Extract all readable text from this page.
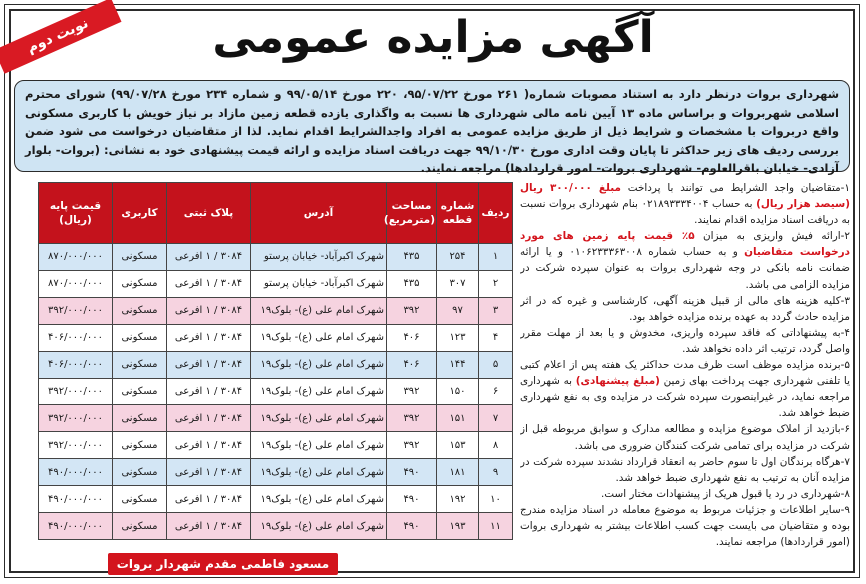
نوبت دوم	آگهی مزایده عمومی
شهرداری بروات درنظر دارد به استناد مصوبات شماره( ۲۶۱ مورخ ۹۵/۰۷/۲۲، ۲۲۰ مورخ ۹۹/۰۵/۱۴ و شماره ۲۳۴ مورخ ۹۹/۰۷/۲۸) شورای محترم اسلامی شهربروات و براساس ماده ۱۳ آیین نامه مالی شهرداری ها نسبت به واگذاری یازده قطعه زمین مازاد بر نیاز خویش با کاربری مسکونی واقع دربروات با مشخصات و شرایط ذیل از طریق مزایده عمومی به افراد واجدالشرایط اقدام نماید. لذا از متقاضیان درخواست می شود ضمن بررسی ردیف های زیر حداکثر تا پایان وقت اداری مورخ ۹۹/۱۰/۳۰ جهت دریافت اسناد مزایده و ارائه قیمت پیشنهادی خود به نشانی: (بروات- بلوار آزادی- خیابان باقرالعلوم- شهرداری بروات- امور قراردادها) مراجعه نمایند.

۱-متقاضیان واجد الشرایط می توانند با پرداخت مبلغ ۳۰۰/۰۰۰ ریال (سیصد هزار ریال) به حساب ۰۲۱۸۹۳۳۳۴۰۰۴ بنام شهرداری بروات نسبت به دریافت اسناد مزایده اقدام نمایند.

۲-ارائه فیش واریزی به میزان ۵٪ قیمت پایه زمین های مورد درخواست متقاضیان و به حساب شماره ۰۱۰۶۲۳۳۳۶۳۰۰۸ و یا ارائه ضمانت نامه بانکی در وجه شهرداری بروات به عنوان سپرده شرکت در مزایده الزامی می باشد.

۳-کلیه هزینه های مالی از قبیل هزینه آگهی، کارشناسی و غیره که در اثر مزایده حادث گردد به عهده برنده مزایده خواهد بود.

۴-به پیشنهاداتی که فاقد سپرده واریزی، مخدوش و یا بعد از مهلت مقرر واصل گردد، ترتیب اثر داده نخواهد شد.

۵-برنده مزایده موظف است ظرف مدت حداکثر یک هفته پس از اعلام کتبی یا تلفنی شهرداری جهت پرداخت بهای زمین (مبلغ پیشنهادی) به شهرداری مراجعه نماید، در غیراینصورت سپرده شرکت در مزایده وی به نفع شهرداری ضبط خواهد شد.

۶-بازدید از املاک موضوع مزایده و مطالعه مدارک و سوابق مربوطه قبل از شرکت در مزایده برای تمامی شرکت کنندگان ضروری می باشد.

۷-هرگاه برندگان اول تا سوم حاضر به انعقاد قرارداد نشدند سپرده شرکت در مزایده آنان به ترتیب به نفع شهرداری ضبط خواهد شد.

۸-شهرداری در رد یا قبول هریک از پیشنهادات مختار است.

۹-سایر اطلاعات و جزئیات مربوط به موضوع معامله در اسناد مزایده مندرج بوده و متقاضیان می بایست جهت کسب اطلاعات بیشتر به شهرداری بروات (امور قراردادها) مراجعه نمایند.

ردیف	شماره قطعه	مساحت (مترمربع)	آدرس	پلاک ثبتی	کاربری	قیمت پایه (ریال)
۱	۲۵۴	۴۳۵	شهرک اکبرآباد- خیابان پرستو	۳۰۸۴ / ۱ افرعی	مسکونی	۸۷۰/۰۰۰/۰۰۰
۲	۳۰۷	۴۳۵	شهرک اکبرآباد- خیابان پرستو	۳۰۸۴ / ۱ افرعی	مسکونی	۸۷۰/۰۰۰/۰۰۰
۳	۹۷	۳۹۲	شهرک امام علی (ع)- بلوک۱۹	۳۰۸۴ / ۱ افرعی	مسکونی	۳۹۲/۰۰۰/۰۰۰
۴	۱۲۳	۴۰۶	شهرک امام علی (ع)- بلوک۱۹	۳۰۸۴ / ۱ افرعی	مسکونی	۴۰۶/۰۰۰/۰۰۰
۵	۱۴۴	۴۰۶	شهرک امام علی (ع)- بلوک۱۹	۳۰۸۴ / ۱ افرعی	مسکونی	۴۰۶/۰۰۰/۰۰۰
۶	۱۵۰	۳۹۲	شهرک امام علی (ع)- بلوک۱۹	۳۰۸۴ / ۱ افرعی	مسکونی	۳۹۲/۰۰۰/۰۰۰
۷	۱۵۱	۳۹۲	شهرک امام علی (ع)- بلوک۱۹	۳۰۸۴ / ۱ افرعی	مسکونی	۳۹۲/۰۰۰/۰۰۰
۸	۱۵۳	۳۹۲	شهرک امام علی (ع)- بلوک۱۹	۳۰۸۴ / ۱ افرعی	مسکونی	۳۹۲/۰۰۰/۰۰۰
۹	۱۸۱	۴۹۰	شهرک امام علی (ع)- بلوک۱۹	۳۰۸۴ / ۱ افرعی	مسکونی	۴۹۰/۰۰۰/۰۰۰
۱۰	۱۹۲	۴۹۰	شهرک امام علی (ع)- بلوک۱۹	۳۰۸۴ / ۱ افرعی	مسکونی	۴۹۰/۰۰۰/۰۰۰
۱۱	۱۹۳	۴۹۰	شهرک امام علی (ع)- بلوک۱۹	۳۰۸۴ / ۱ افرعی	مسکونی	۴۹۰/۰۰۰/۰۰۰
مسعود فاطمی مقدم شهردار بروات
